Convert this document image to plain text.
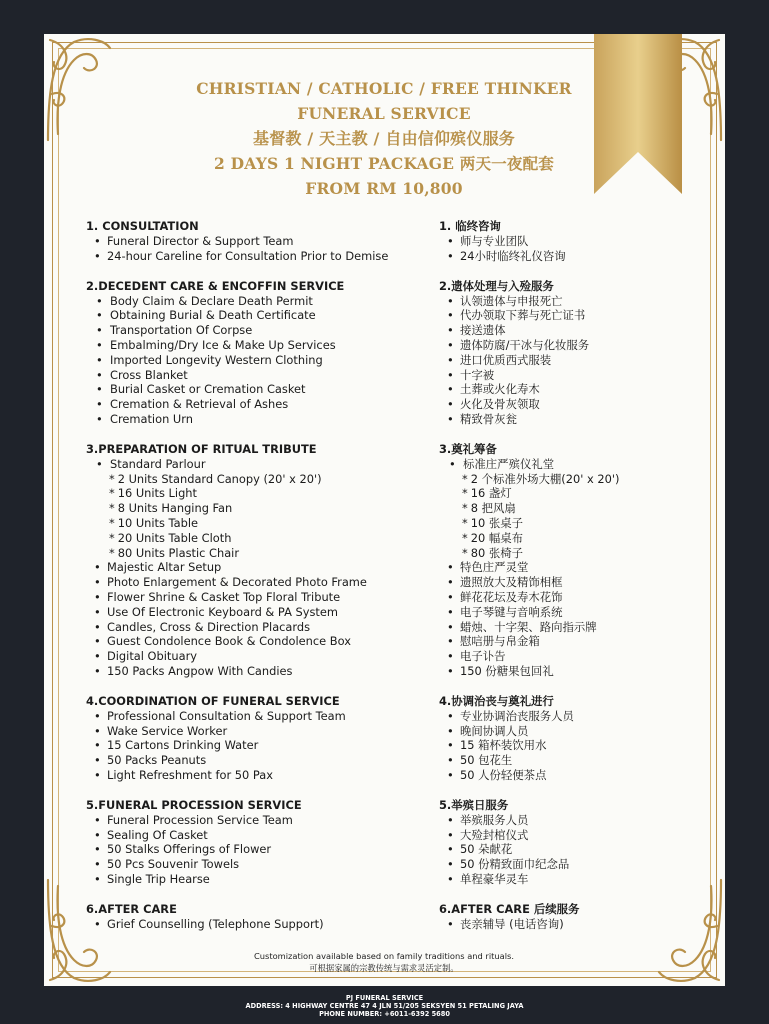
CHRISTIAN / CATHOLIC / FREE THINKER
FUNERAL SERVICE
基督教 / 天主教 / 自由信仰殡仪服务
2 DAYS 1 NIGHT PACKAGE 两天一夜配套
FROM RM 10,800
1. CONSULTATION
• Funeral Director & Support Team
• 24-hour Careline for Consultation Prior to Demise
2.DECEDENT CARE & ENCOFFIN SERVICE
• Body Claim & Declare Death Permit
• Obtaining Burial & Death Certificate
• Transportation Of Corpse
• Embalming/Dry Ice & Make Up Services
• Imported Longevity Western Clothing
• Cross Blanket
• Burial Casket or Cremation Casket
• Cremation & Retrieval of Ashes
• Cremation Urn
3.PREPARATION OF RITUAL TRIBUTE
• Standard Parlour
* 2 Units Standard Canopy (20' x 20')
* 16 Units Light
* 8 Units Hanging Fan
* 10 Units Table
* 20 Units Table Cloth
* 80 Units Plastic Chair
• Majestic Altar Setup
• Photo Enlargement & Decorated Photo Frame
• Flower Shrine & Casket Top Floral Tribute
• Use Of Electronic Keyboard & PA System
• Candles, Cross & Direction Placards
• Guest Condolence Book & Condolence Box
• Digital Obituary
• 150 Packs Angpow With Candies
4.COORDINATION OF FUNERAL SERVICE
• Professional Consultation & Support Team
• Wake Service Worker
• 15 Cartons Drinking Water
• 50 Packs Peanuts
• Light Refreshment for 50 Pax
5.FUNERAL PROCESSION SERVICE
• Funeral Procession Service Team
• Sealing Of Casket
• 50 Stalks Offerings of Flower
• 50 Pcs Souvenir Towels
• Single Trip Hearse
6.AFTER CARE
• Grief Counselling (Telephone Support)
1. 临终咨询
• 师与专业团队
• 24小时临终礼仪咨询
2.遗体处理与入殓服务
• 认领遗体与申报死亡
• 代办领取下葬与死亡证书
• 接送遗体
• 遗体防腐/干冰与化妆服务
• 进口优质西式服装
• 十字被
• 土葬或火化寿木
• 火化及骨灰领取
• 精致骨灰瓮
3.奠礼筹备
• 标准庄严殡仪礼堂
* 2 个标准外场大棚(20' x 20')
* 16 盏灯
* 8 把风扇
* 10 张桌子
* 20 幅桌布
* 80 张椅子
• 特色庄严灵堂
• 遗照放大及精饰相框
• 鲜花花坛及寿木花饰
• 电子琴键与音响系统
• 蜡烛、十字架、路向指示牌
• 慰唁册与帛金箱
• 电子讣告
• 150 份糖果包回礼
4.协调治丧与奠礼进行
• 专业协调治丧服务人员
• 晚间协调人员
• 15 箱杯装饮用水
• 50 包花生
• 50 人份轻便茶点
5.举殡日服务
• 举殡服务人员
• 大殓封棺仪式
• 50 朵献花
• 50 份精致面巾纪念品
• 单程豪华灵车
6.AFTER CARE 后续服务
• 丧亲辅导 (电话咨询)
Customization available based on family traditions and rituals.
可根据家属的宗教传统与需求灵活定制。
PJ FUNERAL SERVICE
ADDRESS: 4 HIGHWAY CENTRE 47 4 JLN 51/205 SEKSYEN 51 PETALING JAYA
PHONE NUMBER: +6011-6392 5680
